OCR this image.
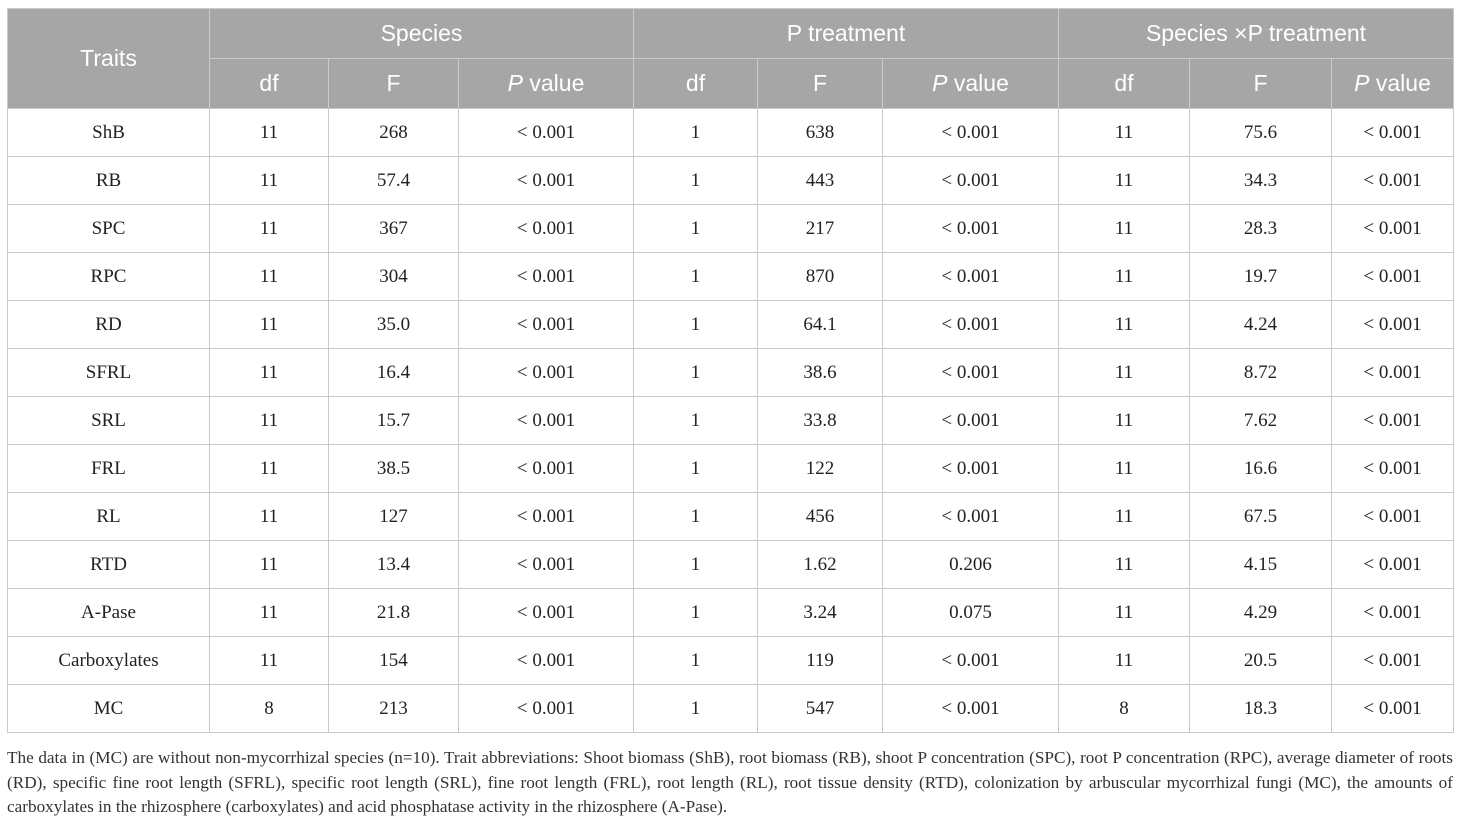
Traits	Species			P treatment			Species ×P treatment		
	df	F	P value	df	F	P value	df	F	P value
ShB	11	268	< 0.001	1	638	< 0.001	11	75.6	< 0.001
RB	11	57.4	< 0.001	1	443	< 0.001	11	34.3	< 0.001
SPC	11	367	< 0.001	1	217	< 0.001	11	28.3	< 0.001
RPC	11	304	< 0.001	1	870	< 0.001	11	19.7	< 0.001
RD	11	35.0	< 0.001	1	64.1	< 0.001	11	4.24	< 0.001
SFRL	11	16.4	< 0.001	1	38.6	< 0.001	11	8.72	< 0.001
SRL	11	15.7	< 0.001	1	33.8	< 0.001	11	7.62	< 0.001
FRL	11	38.5	< 0.001	1	122	< 0.001	11	16.6	< 0.001
RL	11	127	< 0.001	1	456	< 0.001	11	67.5	< 0.001
RTD	11	13.4	< 0.001	1	1.62	0.206	11	4.15	< 0.001
A-Pase	11	21.8	< 0.001	1	3.24	0.075	11	4.29	< 0.001
Carboxylates	11	154	< 0.001	1	119	< 0.001	11	20.5	< 0.001
MC	8	213	< 0.001	1	547	< 0.001	8	18.3	< 0.001
The data in (MC) are without non-mycorrhizal species (n=10). Trait abbreviations: Shoot biomass (ShB), root biomass (RB), shoot P concentration (SPC), root P concentration (RPC), average diameter of roots (RD), specific fine root length (SFRL), specific root length (SRL), fine root length (FRL), root length (RL), root tissue density (RTD), colonization by arbuscular mycorrhizal fungi (MC), the amounts of carboxylates in the rhizosphere (carboxylates) and acid phosphatase activity in the rhizosphere (A-Pase).
